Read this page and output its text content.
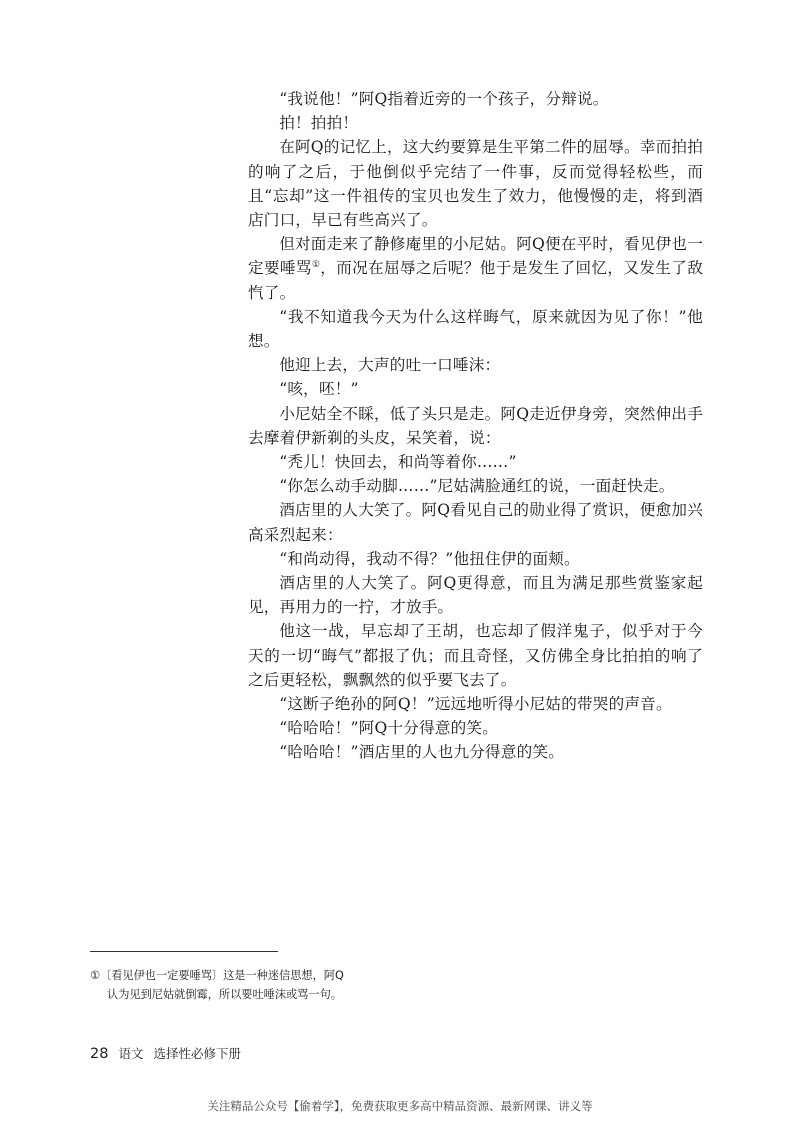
“我说他！”阿Q指着近旁的一个孩子，分辩说。

拍！拍拍！

在阿Q的记忆上，这大约要算是生平第二件的屈辱。幸而拍拍的响了之后，于他倒似乎完结了一件事，反而觉得轻松些，而且“忘却”这一件祖传的宝贝也发生了效力，他慢慢的走，将到酒店门口，早已有些高兴了。

但对面走来了静修庵里的小尼姑。阿Q便在平时，看见伊也一定要唾骂①，而况在屈辱之后呢？他于是发生了回忆，又发生了敌忾了。

“我不知道我今天为什么这样晦气，原来就因为见了你！”他想。

他迎上去，大声的吐一口唾沫：

“咳，呸！”

小尼姑全不睬，低了头只是走。阿Q走近伊身旁，突然伸出手去摩着伊新剃的头皮，呆笑着，说：

“秃儿！快回去，和尚等着你……”

“你怎么动手动脚……”尼姑满脸通红的说，一面赶快走。

酒店里的人大笑了。阿Q看见自己的勋业得了赏识，便愈加兴高采烈起来：

“和尚动得，我动不得？”他扭住伊的面颊。

酒店里的人大笑了。阿Q更得意，而且为满足那些赏鉴家起见，再用力的一拧，才放手。

他这一战，早忘却了王胡，也忘却了假洋鬼子，似乎对于今天的一切“晦气”都报了仇；而且奇怪，又仿佛全身比拍拍的响了之后更轻松，飘飘然的似乎要飞去了。

“这断子绝孙的阿Q！”远远地听得小尼姑的带哭的声音。

“哈哈哈！”阿Q十分得意的笑。

“哈哈哈！”酒店里的人也九分得意的笑。

①〔看见伊也一定要唾骂〕这是一种迷信思想，阿Q
认为见到尼姑就倒霉，所以要吐唾沫或骂一句。
28 语文 选择性必修下册
关注精品公众号【偷着学】，免费获取更多高中精品资源、最新网课、讲义等
